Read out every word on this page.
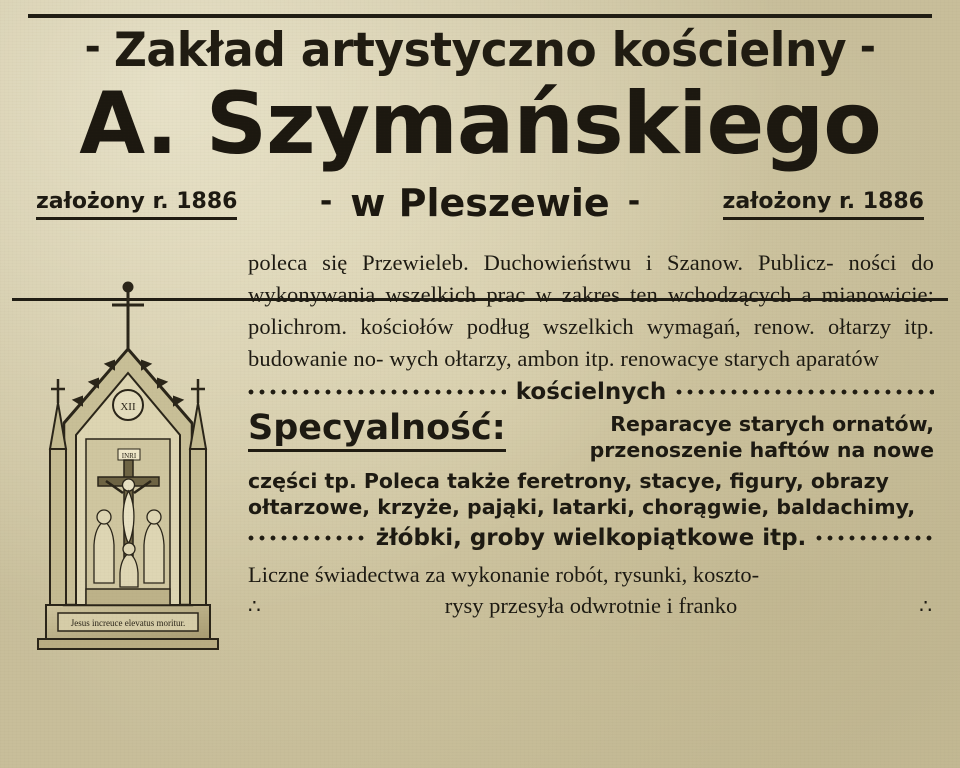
- Zakład artystyczno kościelny -
A. Szymańskiego
założony r. 1886	- w Pleszewie -	założony r. 1886
Jesus increuce elevatus moritur.
XII
INRI

poleca się Przewieleb. Duchowieństwu i Szanow. Publicz- ności do wykonywania wszelkich prac w zakres ten wchodzących a mianowicie: polichrom. kościołów podług wszelkich wymagań, renow. ołtarzy itp. budowanie no- wych ołtarzy, ambon itp. renowacye starych aparatów

kościelnych
Specyalność:	Reparacye starych ornatów,
przenoszenie haftów na nowe
części tp. Poleca także feretrony, stacye, figury, obrazy
ołtarzowe, krzyże, pająki, latarki, chorągwie, baldachimy,
żłóbki, groby wielkopiątkowe itp.
Liczne świadectwa za wykonanie robót, rysunki, koszto-
∴	rysy przesyła odwrotnie i franko	∴
